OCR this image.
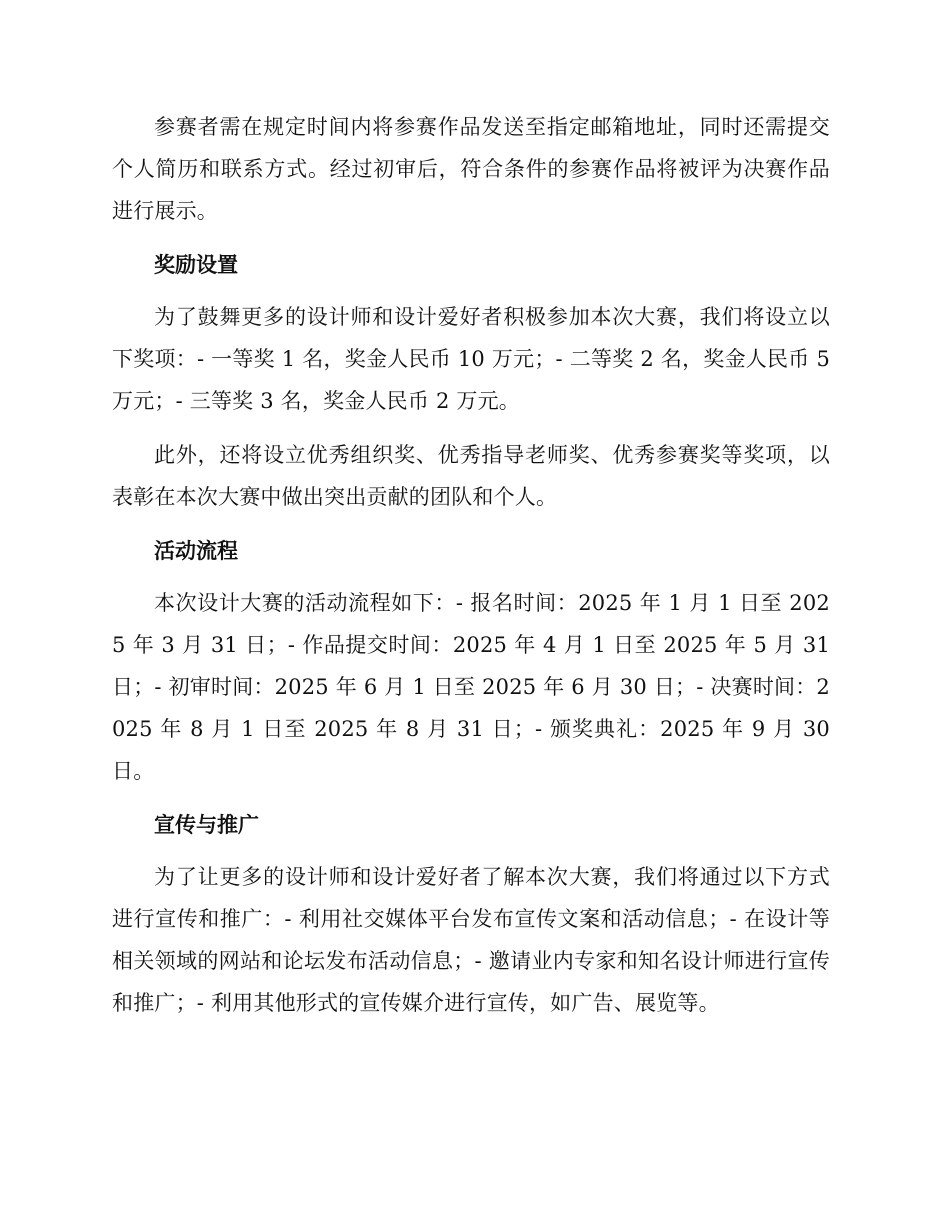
参赛者需在规定时间内将参赛作品发送至指定邮箱地址，同时还需提交个人简历和联系方式。经过初审后，符合条件的参赛作品将被评为决赛作品进行展示。

奖励设置

为了鼓舞更多的设计师和设计爱好者积极参加本次大赛，我们将设立以下奖项：- 一等奖 1 名，奖金人民币 10 万元；- 二等奖 2 名，奖金人民币 5 万元；- 三等奖 3 名，奖金人民币 2 万元。

此外，还将设立优秀组织奖、优秀指导老师奖、优秀参赛奖等奖项，以表彰在本次大赛中做出突出贡献的团队和个人。

活动流程

本次设计大赛的活动流程如下：- 报名时间：2025 年 1 月 1 日至 2025 年 3 月 31 日；- 作品提交时间：2025 年 4 月 1 日至 2025 年 5 月 31 日；- 初审时间：2025 年 6 月 1 日至 2025 年 6 月 30 日；- 决赛时间：2025 年 8 月 1 日至 2025 年 8 月 31 日；- 颁奖典礼：2025 年 9 月 30 日。

宣传与推广

为了让更多的设计师和设计爱好者了解本次大赛，我们将通过以下方式进行宣传和推广：- 利用社交媒体平台发布宣传文案和活动信息；- 在设计等相关领域的网站和论坛发布活动信息；- 邀请业内专家和知名设计师进行宣传和推广；- 利用其他形式的宣传媒介进行宣传，如广告、展览等。
